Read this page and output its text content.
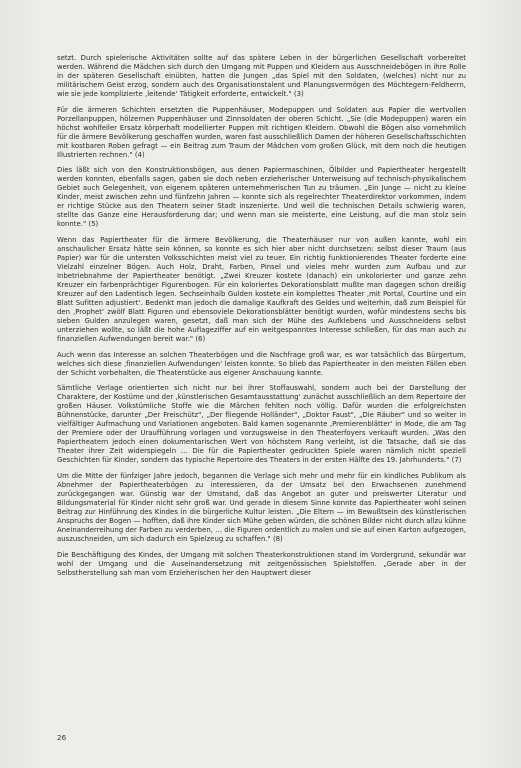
setzt. Durch spielerische Aktivitäten sollte auf das spätere Leben in der bürgerlichen Gesellschaft vorbereitet werden. Während die Mädchen sich durch den Umgang mit Puppen und Kleidern aus Ausschneidebögen in ihre Rolle in der späteren Gesellschaft einübten, hatten die Jungen „das Spiel mit den Soldaten, (welches) nicht nur zu militärischem Geist erzog, sondern auch des Organisationstalent und Planungsvermögen des Möchtegern-Feldherrn, wie sie jede komplizierte ‚leitende‘ Tätigkeit erforderte, entwickelt." (3)

Für die ärmeren Schichten ersetzten die Puppenhäuser, Modepuppen und Soldaten aus Papier die wertvollen Porzellanpuppen, hölzernen Puppenhäuser und Zinnsoldaten der oberen Schicht. „Sie (die Modepuppen) waren ein höchst wohlfeiler Ersatz körperhaft modellierter Puppen mit richtigen Kleidern. Obwohl die Bögen also vornehmlich für die ärmere Bevölkerung geschaffen wurden, waren fast ausschließlich Damen der höheren Gesellschaftsschichten mit kostbaren Roben gefragt — ein Beitrag zum Traum der Mädchen vom großen Glück, mit dem noch die heutigen Illustrierten rechnen." (4)

Dies läßt sich von den Konstruktionsbögen, aus denen Papiermaschinen, Ölbilder und Papiertheater hergestellt werden konnten, ebenfalls sagen, gaben sie doch neben erzieherischer Unterweisung auf technisch-physikalischem Gebiet auch Gelegenheit, von eigenem späteren unternehmerischen Tun zu träumen. „Ein Junge — nicht zu kleine Kinder, meist zwischen zehn und fünfzehn Jahren — konnte sich als regelrechter Theaterdirektor vorkommen, indem er richtige Stücke aus den Theatern seiner Stadt inszenierte. Und weil die technischen Details schwierig waren, stellte das Ganze eine Herausforderung dar; und wenn man sie meisterte, eine Leistung, auf die man stolz sein konnte." (5)

Wenn das Papiertheater für die ärmere Bevölkerung, die Theaterhäuser nur von außen kannte, wohl ein anschaulicher Ersatz hätte sein können, so konnte es sich hier aber nicht durchsetzen: selbst dieser Traum (aus Papier) war für die untersten Volksschichten meist viel zu teuer. Ein richtig funktionierendes Theater forderte eine Vielzahl einzelner Bögen. Auch Holz, Draht, Farben, Pinsel und vieles mehr wurden zum Aufbau und zur Inbetriebnahme der Papiertheater benötigt. „Zwei Kreuzer kostete (danach) ein unkolorierter und ganze zehn Kreuzer ein farbenprächtiger Figurenbogen. Für ein koloriertes Dekorationsblatt mußte man dagegen schon dreißig Kreuzer auf den Ladentisch legen. Sechseinhalb Gulden kostete ein komplettes Theater ‚mit Portal, Courtine und ein Blatt Sufitten adjustiert‘. Bedenkt man jedoch die damalige Kaufkraft des Geldes und weiterhin, daß zum Beispiel für den ‚Prophet‘ zwölf Blatt Figuren und ebensoviele Dekorationsblätter benötigt wurden, wofür mindestens sechs bis sieben Gulden anzulegen waren, gesetzt, daß man sich der Mühe des Aufklebens und Ausschneidens selbst unterziehen wollte, so läßt die hohe Auflageziffer auf ein weitgespanntes Interesse schließen, für das man auch zu finanziellen Aufwendungen bereit war." (6)

Auch wenn das Interesse an solchen Theaterbögen und die Nachfrage groß war, es war tatsächlich das Bürgertum, welches sich diese ‚finanziellen Aufwendungen‘ leisten konnte. So blieb das Papiertheater in den meisten Fällen eben der Schicht vorbehalten, die Theaterstücke aus eigener Anschauung kannte.

Sämtliche Verlage orientierten sich nicht nur bei ihrer Stoffauswahl, sondern auch bei der Darstellung der Charaktere, der Kostüme und der ‚künstlerischen Gesamtausstattung‘ zunächst ausschließlich an dem Repertoire der großen Häuser. Volkstümliche Stoffe wie die Märchen fehlten noch völlig. Dafür wurden die erfolgreichsten Bühnenstücke, darunter „Der Freischütz", „Der fliegende Holländer", „Doktor Faust", „Die Räuber" und so weiter in vielfältiger Aufmachung und Variationen angeboten. Bald kamen sogenannte ‚Premierenblätter‘ in Mode, die am Tag der Premiere oder der Uraufführung vorlagen und vorzugsweise in den Theaterfoyers verkauft wurden. „Was den Papiertheatern jedoch einen dokumentarischen Wert von höchstem Rang verleiht, ist die Tatsache, daß sie das Theater ihrer Zeit widerspiegeln … Die für die Papiertheater gedruckten Spiele waren nämlich nicht speziell Geschichten für Kinder, sondern das typische Repertoire des Theaters in der ersten Hälfte des 19. Jahrhunderts." (7)

Um die Mitte der fünfziger Jahre jedoch, begannen die Verlage sich mehr und mehr für ein kindliches Publikum als Abnehmer der Papiertheaterbögen zu interessieren, da der Umsatz bei den Erwachsenen zunehmend zurückgegangen war. Günstig war der Umstand, daß das Angebot an guter und preiswerter Literatur und Bildungsmaterial für Kinder nicht sehr groß war. Und gerade in diesem Sinne konnte das Papiertheater wohl seinen Beitrag zur Hinführung des Kindes in die bürgerliche Kultur leisten. „Die Eltern — im Bewußtsein des künstlerischen Anspruchs der Bogen — hofften, daß ihre Kinder sich Mühe geben würden, die schönen Bilder nicht durch allzu kühne Aneinanderreihung der Farben zu verderben, … die Figuren ordentlich zu malen und sie auf einen Karton aufgezogen, auszuschneiden, um sich dadurch ein Spielzeug zu schaffen." (8)

Die Beschäftigung des Kindes, der Umgang mit solchen Theaterkonstruktionen stand im Vordergrund, sekundär war wohl der Umgang und die Auseinandersetzung mit zeitgenössischen Spielstoffen. „Gerade aber in der Selbstherstellung sah man vom Erzieherischen her den Hauptwert dieser

26
